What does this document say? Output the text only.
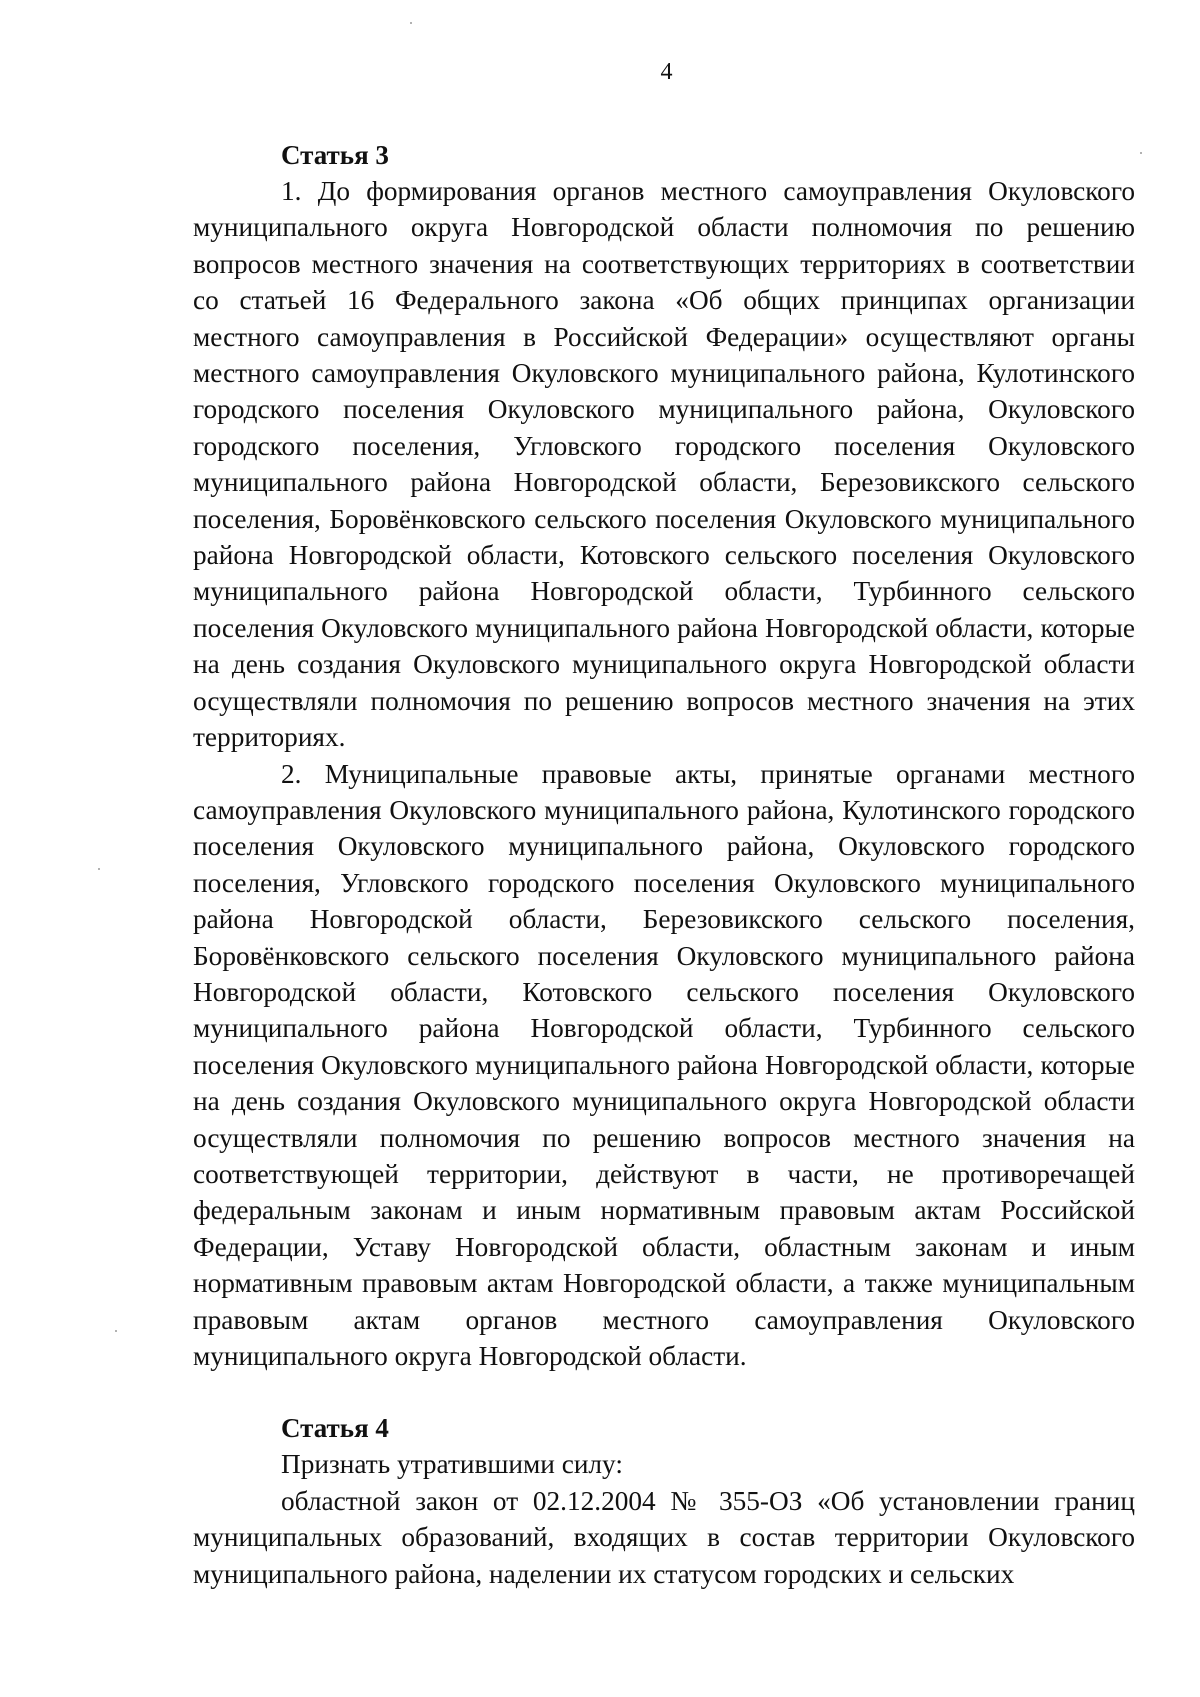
4
Статья 3

1. До формирования органов местного самоуправления Окуловского муниципального округа Новгородской области полномочия по решению вопросов местного значения на соответствующих территориях в соответствии со статьей 16 Федерального закона «Об общих принципах организации местного самоуправления в Российской Федерации» осуществляют органы местного самоуправления Окуловского муниципального района, Кулотинского городского поселения Окуловского муниципального района, Окуловского городского поселения, Угловского городского поселения Окуловского муниципального района Новгородской области, Березовикского сельского поселения, Боровёнковского сельского поселения Окуловского муниципального района Новгородской области, Котовского сельского поселения Окуловского муниципального района Новгородской области, Турбинного сельского поселения Окуловского муниципального района Новгородской области, которые на день создания Окуловского муниципального округа Новгородской области осуществляли полномочия по решению вопросов местного значения на этих территориях.

2. Муниципальные правовые акты, принятые органами местного самоуправления Окуловского муниципального района, Кулотинского городского поселения Окуловского муниципального района, Окуловского городского поселения, Угловского городского поселения Окуловского муниципального района Новгородской области, Березовикского сельского поселения, Боровёнковского сельского поселения Окуловского муниципального района Новгородской области, Котовского сельского поселения Окуловского муниципального района Новгородской области, Турбинного сельского поселения Окуловского муниципального района Новгородской области, которые на день создания Окуловского муниципального округа Новгородской области осуществляли полномочия по решению вопросов местного значения на соответствующей территории, действуют в части, не противоречащей федеральным законам и иным нормативным правовым актам Российской Федерации, Уставу Новгородской области, областным законам и иным нормативным правовым актам Новгородской области, а также муниципальным правовым актам органов местного самоуправления Окуловского муниципального округа Новгородской области.

Статья 4

Признать утратившими силу:

областной закон от 02.12.2004 № 355-ОЗ «Об установлении границ муниципальных образований, входящих в состав территории Окуловского муниципального района, наделении их статусом городских и сельских
